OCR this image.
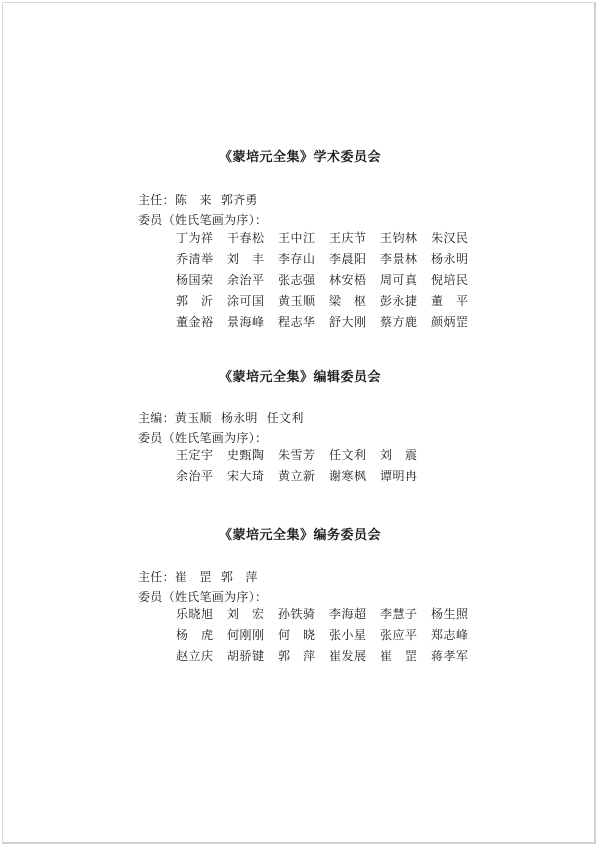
《蒙培元全集》学术委员会
主任：陈　来 郭齐勇
委员（姓氏笔画为序）：
丁为祥	干春松	王中江	王庆节	王钧林	朱汉民
乔清举	刘　丰	李存山	李晨阳	李景林	杨永明
杨国荣	余治平	张志强	林安梧	周可真	倪培民
郭　沂	涂可国	黄玉顺	梁　枢	彭永捷	董　平
董金裕	景海峰	程志华	舒大刚	蔡方鹿	颜炳罡
《蒙培元全集》编辑委员会
主编：黄玉顺 杨永明 任文利
委员（姓氏笔画为序）：
王定宇	史甄陶	朱雪芳	任文利	刘　震
余治平	宋大琦	黄立新	谢寒枫	谭明冉
《蒙培元全集》编务委员会
主任：崔　罡 郭　萍
委员（姓氏笔画为序）：
乐晓旭	刘　宏	孙铁骑	李海超	李慧子	杨生照
杨　虎	何刚刚	何　晓	张小星	张应平	郑志峰
赵立庆	胡骄键	郭　萍	崔发展	崔　罡	蒋孝军
